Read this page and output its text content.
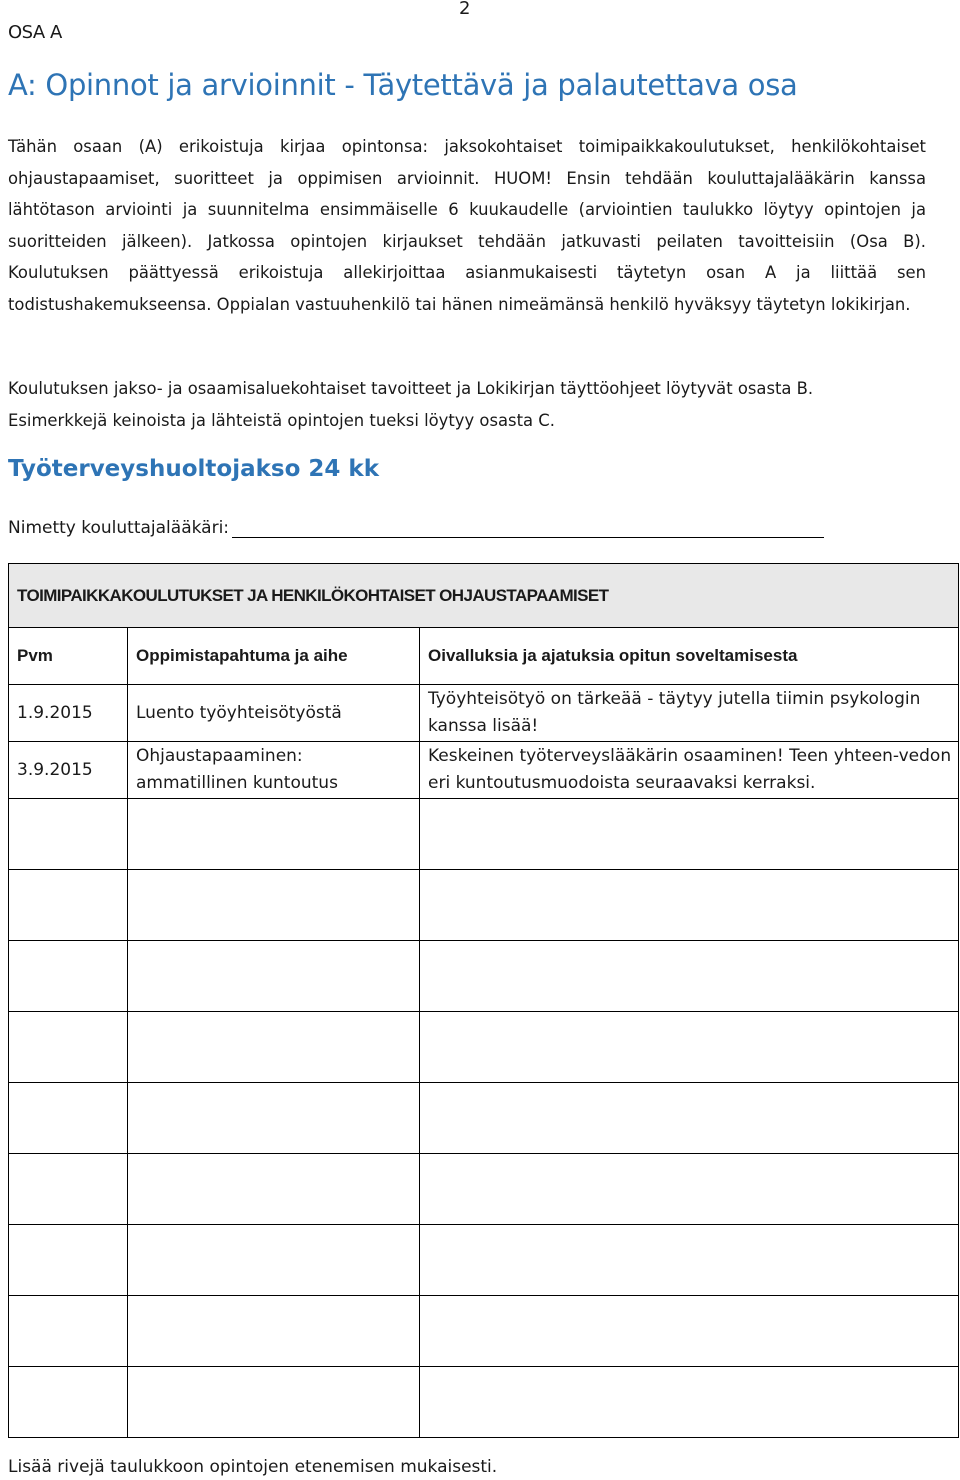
2
OSA A
A: Opinnot ja arvioinnit - Täytettävä ja palautettava osa

Tähän osaan (A) erikoistuja kirjaa opintonsa: jaksokohtaiset toimipaikkakoulutukset, henkilökohtaiset ohjaustapaamiset, suoritteet ja oppimisen arvioinnit. HUOM! Ensin tehdään kouluttajalääkärin kanssa lähtötason arviointi ja suunnitelma ensimmäiselle 6 kuukaudelle (arviointien taulukko löytyy opintojen ja suoritteiden jälkeen). Jatkossa opintojen kirjaukset tehdään jatkuvasti peilaten tavoitteisiin (Osa B). Koulutuksen päättyessä erikoistuja allekirjoittaa asianmukaisesti täytetyn osan A ja liittää sen todistushakemukseensa. Oppialan vastuuhenkilö tai hänen nimeämänsä henkilö hyväksyy täytetyn lokikirjan.

Koulutuksen jakso- ja osaamisaluekohtaiset tavoitteet ja Lokikirjan täyttöohjeet löytyvät osasta B.
Esimerkkejä keinoista ja lähteistä opintojen tueksi löytyy osasta C.
Työterveyshuoltojakso 24 kk
Nimetty kouluttajalääkäri:
TOIMIPAIKKAKOULUTUKSET JA HENKILÖKOHTAISET OHJAUSTAPAAMISET		
Pvm	Oppimistapahtuma ja aihe	Oivalluksia ja ajatuksia opitun soveltamisesta
1.9.2015	Luento työyhteisötyöstä	Työyhteisötyö on tärkeää - täytyy jutella tiimin psykologin kanssa lisää!
3.9.2015	Ohjaustapaaminen: ammatillinen kuntoutus	Keskeinen työterveyslääkärin osaaminen! Teen yhteen-vedon eri kuntoutusmuodoista seuraavaksi kerraksi.

Lisää rivejä taulukkoon opintojen etenemisen mukaisesti.
